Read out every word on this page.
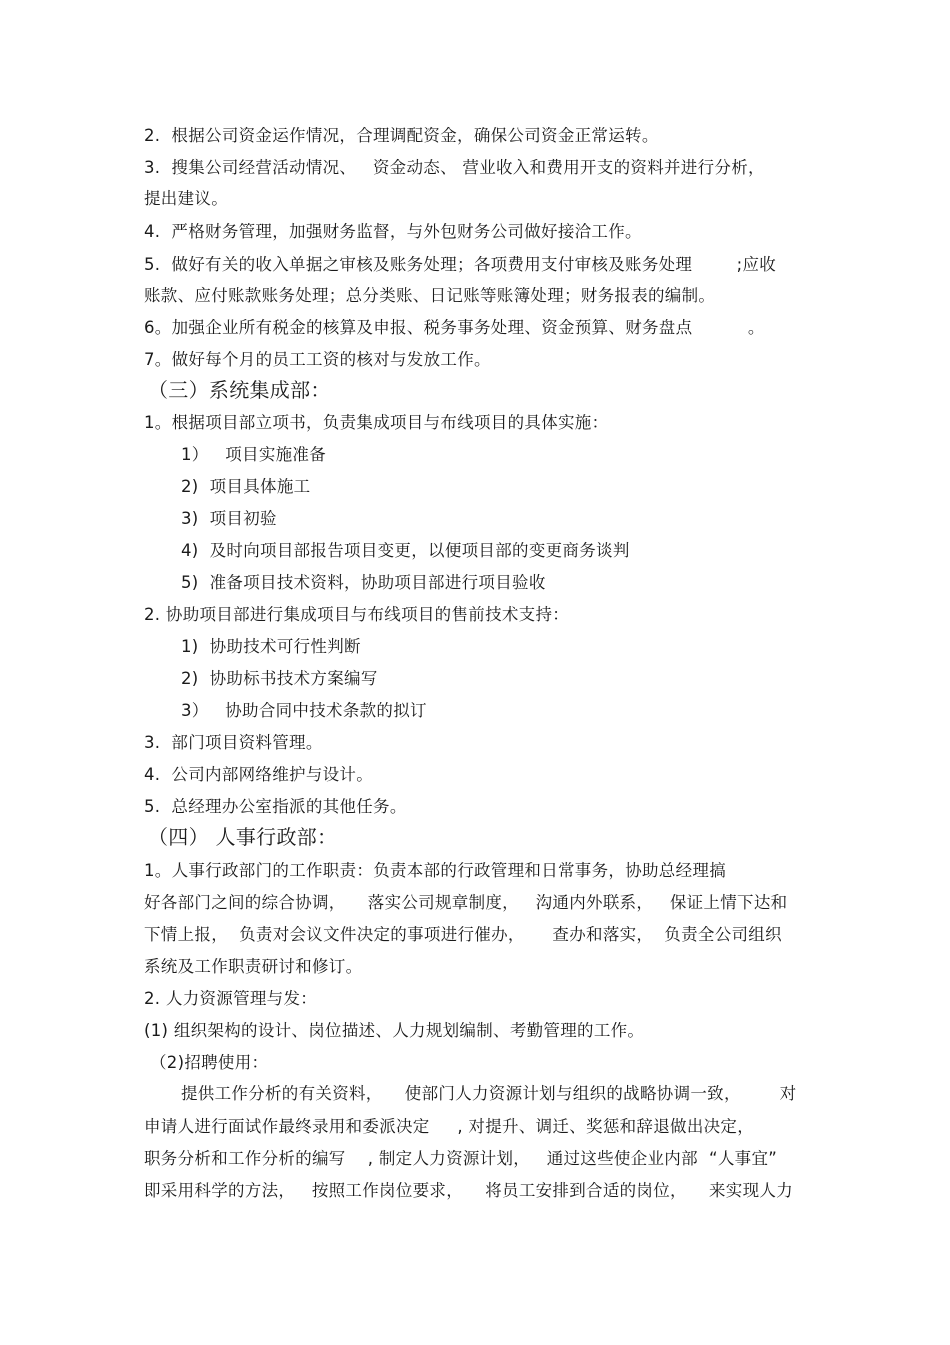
2.  根据公司资金运作情况，合理调配资金，确保公司资金正常运转。
3.  搜集公司经营活动情况、   资金动态、 营业收入和费用开支的资料并进行分析，
提出建议。
4.  严格财务管理，加强财务监督，与外包财务公司做好接洽工作。
5.  做好有关的收入单据之审核及账务处理；各项费用支付审核及账务处理        ;应收
账款、应付账款账务处理；总分类账、日记账等账簿处理；财务报表的编制。
6。加强企业所有税金的核算及申报、税务事务处理、资金预算、财务盘点          。
7。做好每个月的员工工资的核对与发放工作。
（三）系统集成部：
1。根据项目部立项书，负责集成项目与布线项目的具体实施：
1）   项目实施准备
2)  项目具体施工
3)  项目初验
4)  及时向项目部报告项目变更，以便项目部的变更商务谈判
5)  准备项目技术资料，协助项目部进行项目验收
2. 协助项目部进行集成项目与布线项目的售前技术支持：
1)  协助技术可行性判断
2)  协助标书技术方案编写
3）   协助合同中技术条款的拟订
3.  部门项目资料管理。
4.  公司内部网络维护与设计。
5.  总经理办公室指派的其他任务。
（四） 人事行政部：
1。人事行政部门的工作职责：负责本部的行政管理和日常事务，协助总经理搞
好各部门之间的综合协调，    落实公司规章制度，   沟通内外联系，   保证上情下达和
下情上报，  负责对会议文件决定的事项进行催办，     查办和落实，  负责全公司组织
系统及工作职责研讨和修订。
2. 人力资源管理与发：
(1) 组织架构的设计、岗位描述、人力规划编制、考勤管理的工作。
（2)招聘使用：
提供工作分析的有关资料，    使部门人力资源计划与组织的战略协调一致，       对
申请人进行面试作最终录用和委派决定     , 对提升、调迁、奖惩和辞退做出决定，
职务分析和工作分析的编写    , 制定人力资源计划，   通过这些使企业内部  “人事宜”
即采用科学的方法，   按照工作岗位要求，    将员工安排到合适的岗位，    来实现人力
